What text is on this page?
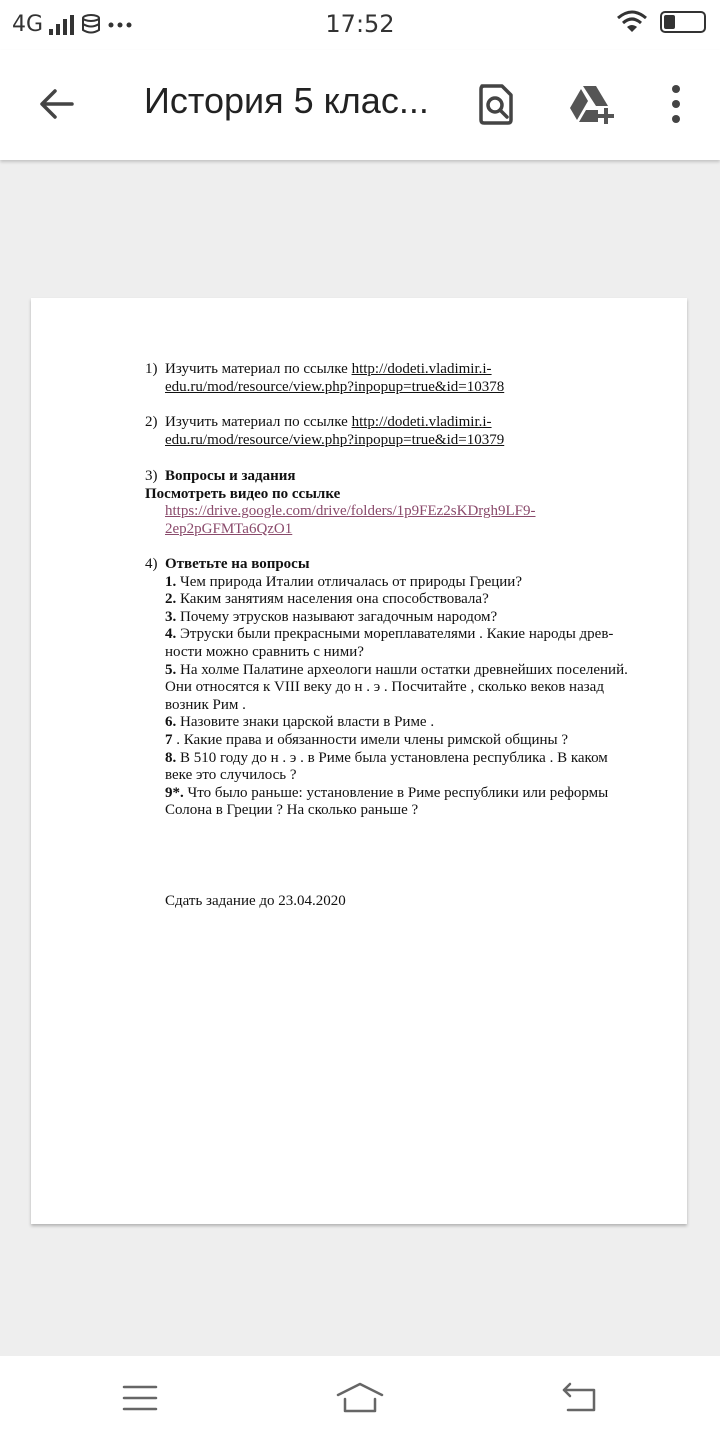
4G	17:52
История 5 клас...
1) Изучить материал по ссылке http://dodeti.vladimir.i-
edu.ru/mod/resource/view.php?inpopup=true&id=10378
2) Изучить материал по ссылке http://dodeti.vladimir.i-
edu.ru/mod/resource/view.php?inpopup=true&id=10379
3) Вопросы и задания
Посмотреть видео по ссылке
https://drive.google.com/drive/folders/1p9FEz2sKDrgh9LF9-
2ep2pGFMTa6QzO1
4) Ответьте на вопросы
1. Чем природа Италии отличалась от природы Греции?
2. Каким занятиям населения она способствовала?
3. Почему этрусков называют загадочным народом?
4. Этруски были прекрасными мореплавателями . Какие народы древ-ности можно сравнить с ними?
5. На холме Палатине археологи нашли остатки древнейших поселений. Они относятся к VIII веку до н . э . Посчитайте , сколько веков назад возник Рим .
6. Назовите знаки царской власти в Риме .
7 . Какие права и обязанности имели члены римской общины ?
8. В 510 году до н . э . в Риме была установлена республика . В каком веке это случилось ?
9*. Что было раньше: установление в Риме республики или реформы Солона в Греции ? На сколько раньше ?
Сдать задание до 23.04.2020
